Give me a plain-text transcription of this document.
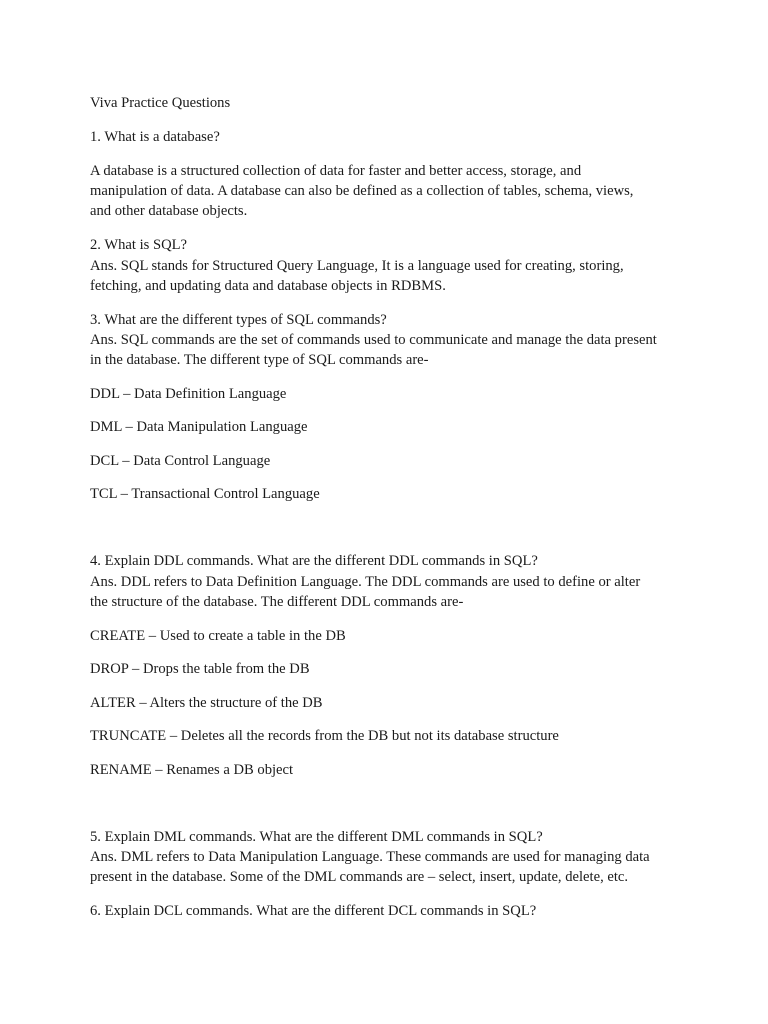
Viva Practice Questions
1. What is a database?
A database is a structured collection of data for faster and better access, storage, and
manipulation of data. A database can also be defined as a collection of tables, schema, views,
and other database objects.
2. What is SQL?
Ans. SQL stands for Structured Query Language, It is a language used for creating, storing,
fetching, and updating data and database objects in RDBMS.
3. What are the different types of SQL commands?
Ans. SQL commands are the set of commands used to communicate and manage the data present
in the database. The different type of SQL commands are-
DDL – Data Definition Language
DML – Data Manipulation Language
DCL – Data Control Language
TCL – Transactional Control Language
4. Explain DDL commands. What are the different DDL commands in SQL?
Ans. DDL refers to Data Definition Language. The DDL commands are used to define or alter
the structure of the database. The different DDL commands are-
CREATE – Used to create a table in the DB
DROP – Drops the table from the DB
ALTER – Alters the structure of the DB
TRUNCATE – Deletes all the records from the DB but not its database structure
RENAME – Renames a DB object
5. Explain DML commands. What are the different DML commands in SQL?
Ans. DML refers to Data Manipulation Language. These commands are used for managing data
present in the database. Some of the DML commands are – select, insert, update, delete, etc.
6. Explain DCL commands. What are the different DCL commands in SQL?
